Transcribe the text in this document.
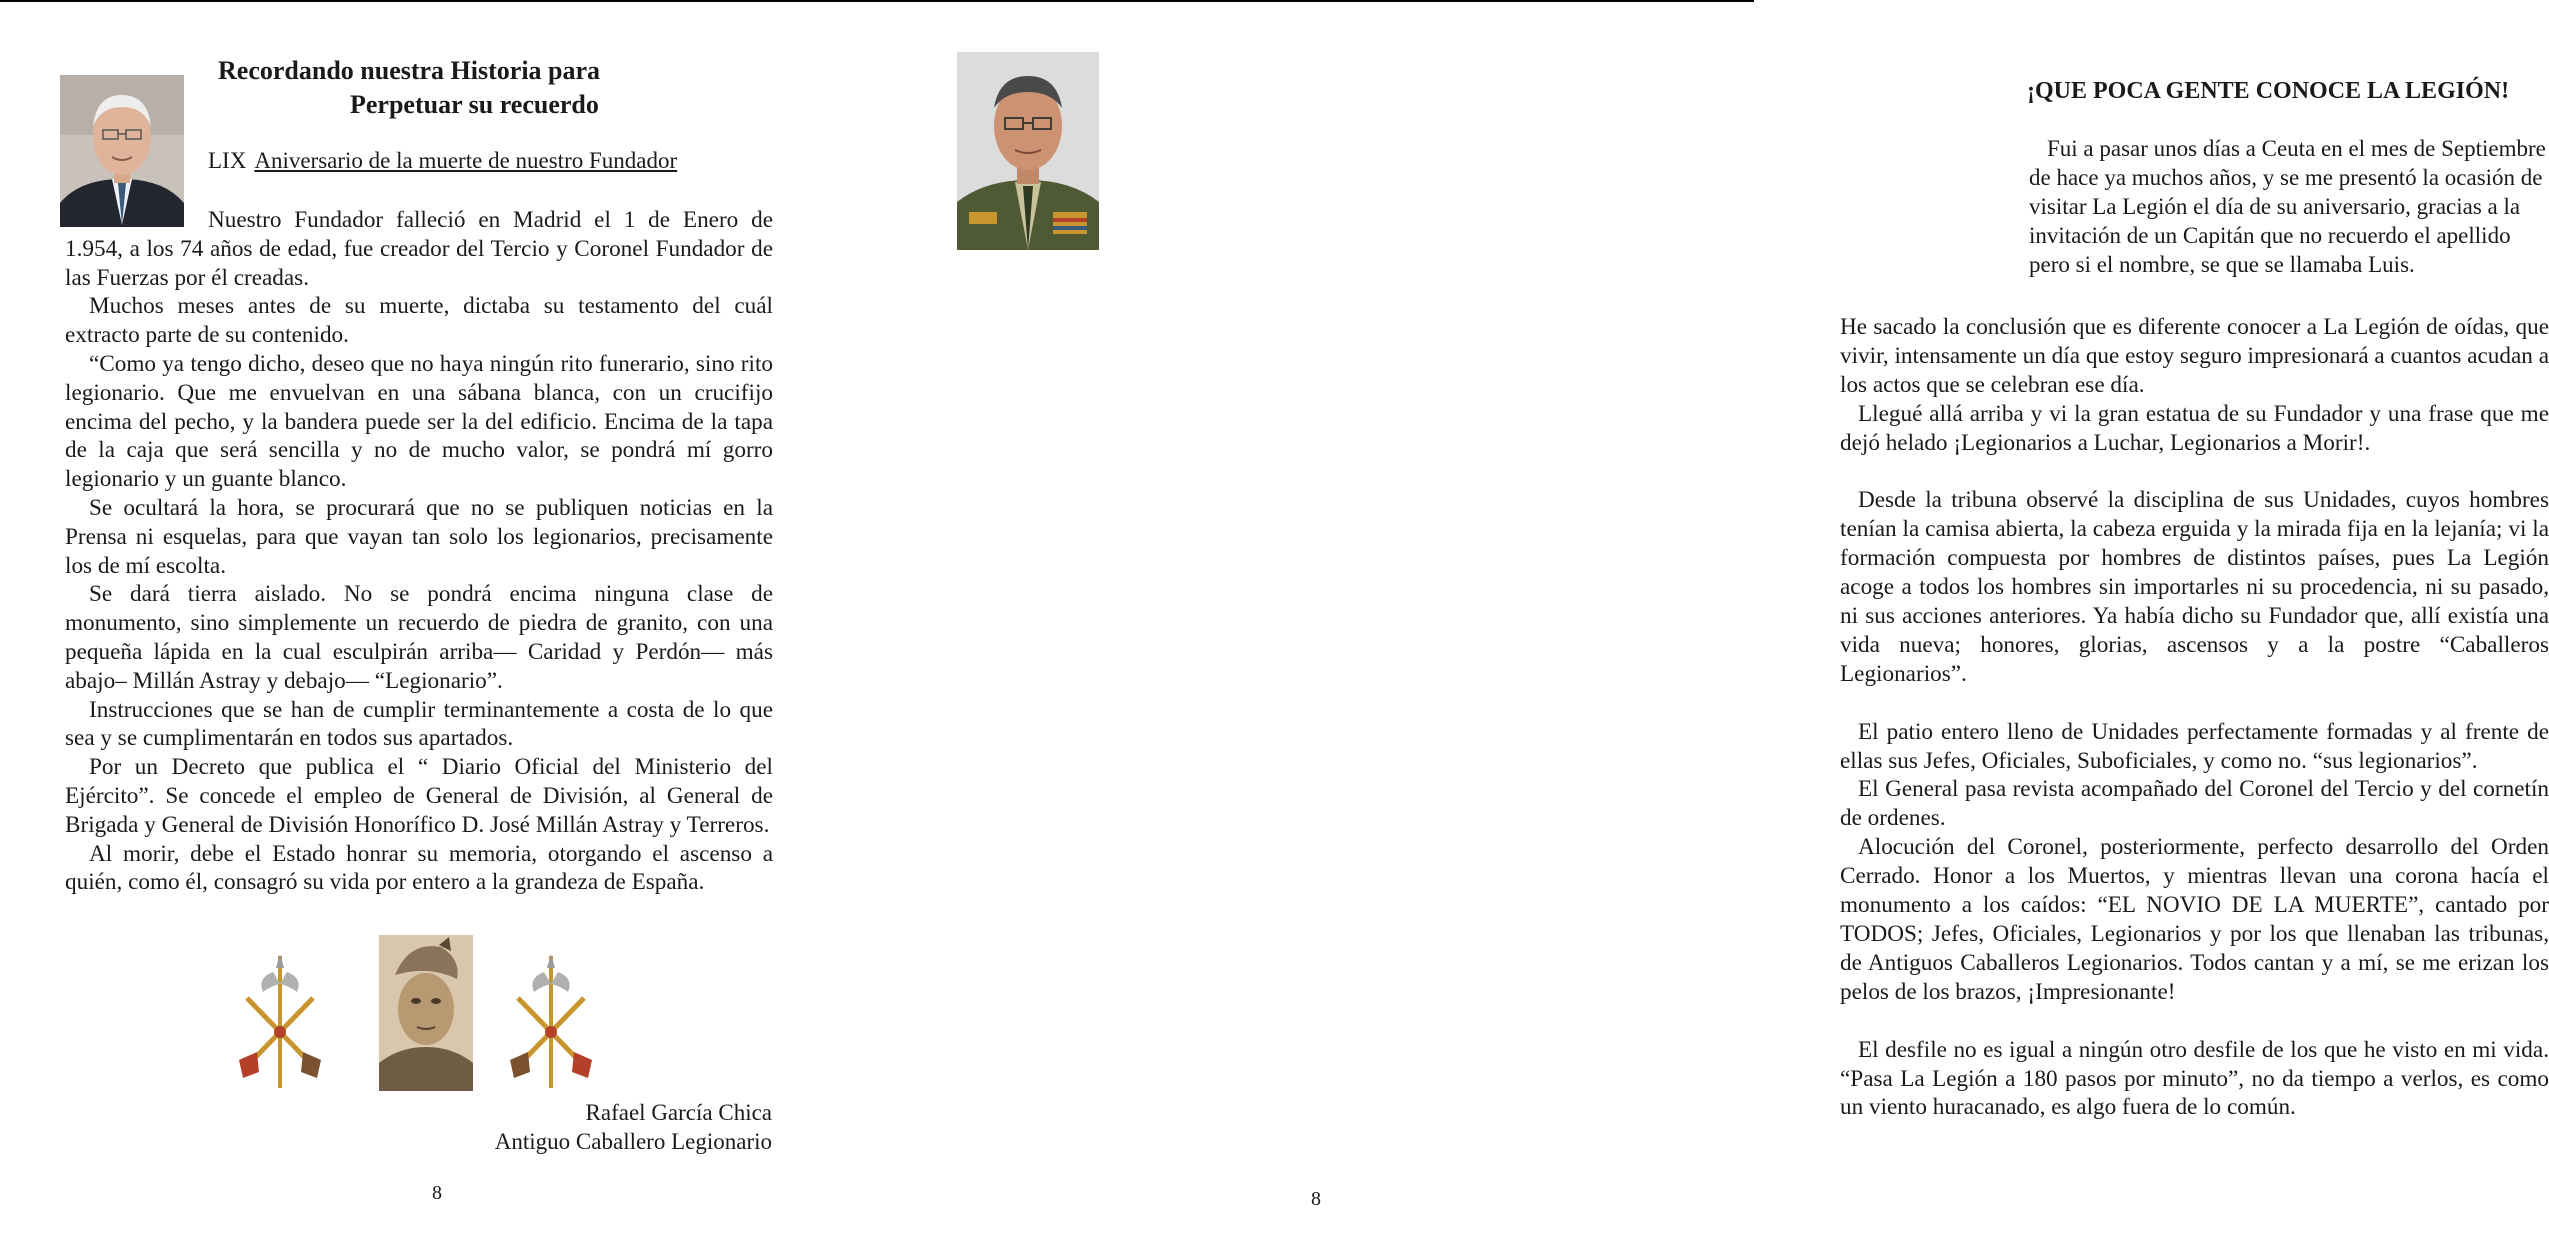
Recordando nuestra Historia para
Perpetuar su recuerdo

LIX Aniversario de la muerte de nuestro Fundador

Nuestro Fundador falleció en Madrid el 1 de Enero de 1.954, a los 74 años de edad, fue creador del Tercio y Coronel Fundador de las Fuerzas por él creadas.

Muchos meses antes de su muerte, dictaba su testamento del cuál extracto parte de su contenido.

“Como ya tengo dicho, deseo que no haya ningún rito funerario, sino rito legionario. Que me envuelvan en una sábana blanca, con un crucifijo encima del pecho, y la bandera puede ser la del edificio. Encima de la tapa de la caja que será sencilla y no de mucho valor, se pondrá mí gorro legionario y un guante blanco.

Se ocultará la hora, se procurará que no se publiquen noticias en la Prensa ni esquelas, para que vayan tan solo los legionarios, precisamente los de mí escolta.

Se dará tierra aislado. No se pondrá encima ninguna clase de monumento, sino simplemente un recuerdo de piedra de granito, con una pequeña lápida en la cual esculpirán arriba— Caridad y Perdón— más abajo– Millán Astray y debajo— “Legionario”.

Instrucciones que se han de cumplir terminantemente a costa de lo que sea y se cumplimentarán en todos sus apartados.

Por un Decreto que publica el “ Diario Oficial del Ministerio del Ejército”. Se concede el empleo de General de División, al General de Brigada y General de División Honorífico D. José Millán Astray y Terreros.

Al morir, debe el Estado honrar su memoria, otorgando el ascenso a quién, como él, consagró su vida por entero a la grandeza de España.

Rafael García Chica
Antiguo Caballero Legionario
8
¡QUE POCA GENTE CONOCE LA LEGIÓN!

Fui a pasar unos días a Ceuta en el mes de Septiembre de hace ya muchos años, y se me presentó la ocasión de visitar La Legión el día de su aniversario, gracias a la invitación de un Capitán que no recuerdo el apellido pero si el nombre, se que se llamaba Luis.

He sacado la conclusión que es diferente conocer a La Legión de oídas, que vivir, intensamente un día que estoy seguro impresionará a cuantos acudan a los actos que se celebran ese día.

Llegué allá arriba y vi la gran estatua de su Fundador y una frase que me dejó helado ¡Legionarios a Luchar, Legionarios a Morir!.

Desde la tribuna observé la disciplina de sus Unidades, cuyos hombres tenían la camisa abierta, la cabeza erguida y la mirada fija en la lejanía; vi la formación compuesta por hombres de distintos países, pues La Legión acoge a todos los hombres sin importarles ni su procedencia, ni su pasado, ni sus acciones anteriores. Ya había dicho su Fundador que, allí existía una vida nueva; honores, glorias, ascensos y a la postre “Caballeros Legionarios”.

El patio entero lleno de Unidades perfectamente formadas y al frente de ellas sus Jefes, Oficiales, Suboficiales, y como no. “sus legionarios”.

El General pasa revista acompañado del Coronel del Tercio y del cornetín de ordenes.

Alocución del Coronel, posteriormente, perfecto desarrollo del Orden Cerrado. Honor a los Muertos, y mientras llevan una corona hacía el monumento a los caídos: “EL NOVIO DE LA MUERTE”, cantado por TODOS; Jefes, Oficiales, Legionarios y por los que llenaban las tribunas, de Antiguos Caballeros Legionarios. Todos cantan y a mí, se me erizan los pelos de los brazos, ¡Impresionante!

El desfile no es igual a ningún otro desfile de los que he visto en mi vida. “Pasa La Legión a 180 pasos por minuto”, no da tiempo a verlos, es como un viento huracanado, es algo fuera de lo común.

8
